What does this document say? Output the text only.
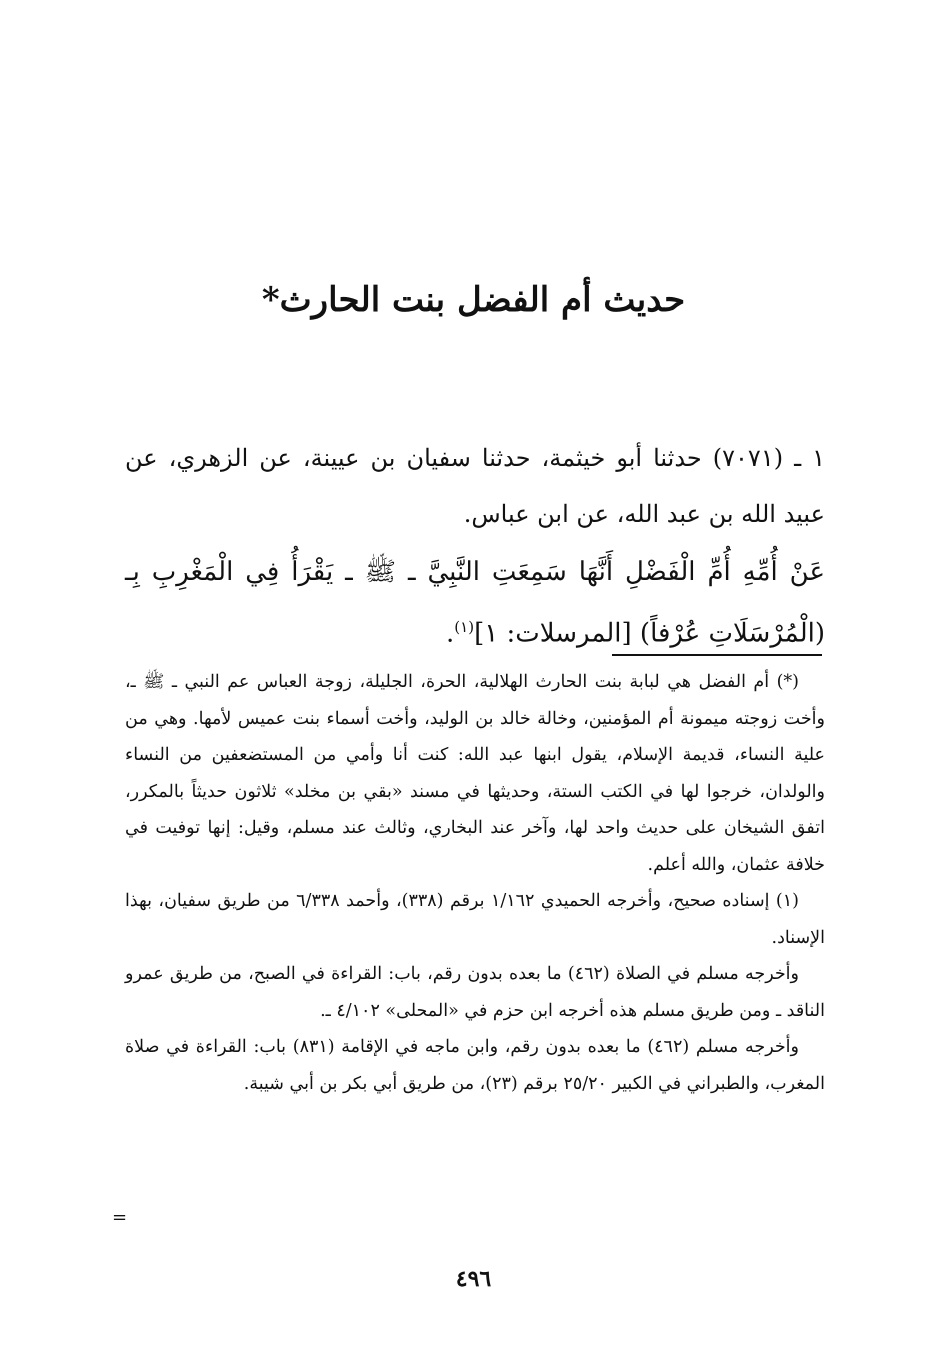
حديث أم الفضل بنت الحارث*
١ ـ (٧٠٧١) حدثنا أبو خيثمة، حدثنا سفيان بن عيينة، عن الزهري، عن عبيد الله بن عبد الله، عن ابن عباس.
عَنْ أُمِّهِ أُمِّ الْفَضْلِ أَنَّهَا سَمِعَتِ النَّبِيَّ ـ ﷺ ـ يَقْرَأُ فِي الْمَغْرِبِ بِـ (الْمُرْسَلَاتِ عُرْفاً) [المرسلات: ١]$^{(١)}$.

(*) أم الفضل هي لبابة بنت الحارث الهلالية، الحرة، الجليلة، زوجة العباس عم النبي ـ ﷺ ـ، وأخت زوجته ميمونة أم المؤمنين، وخالة خالد بن الوليد، وأخت أسماء بنت عميس لأمها. وهي من علية النساء، قديمة الإسلام، يقول ابنها عبد الله: كنت أنا وأمي من المستضعفين من النساء والولدان، خرجوا لها في الكتب الستة، وحديثها في مسند «بقي بن مخلد» ثلاثون حديثاً بالمكرر، اتفق الشيخان على حديث واحد لها، وآخر عند البخاري، وثالث عند مسلم، وقيل: إنها توفيت في خلافة عثمان، والله أعلم.

(١) إسناده صحيح، وأخرجه الحميدي ١/١٦٢ برقم (٣٣٨)، وأحمد ٦/٣٣٨ من طريق سفيان، بهذا الإسناد.

وأخرجه مسلم في الصلاة (٤٦٢) ما بعده بدون رقم، باب: القراءة في الصبح، من طريق عمرو الناقد ـ ومن طريق مسلم هذه أخرجه ابن حزم في «المحلى» ٤/١٠٢ ـ.

وأخرجه مسلم (٤٦٢) ما بعده بدون رقم، وابن ماجه في الإقامة (٨٣١) باب: القراءة في صلاة المغرب، والطبراني في الكبير ٢٥/٢٠ برقم (٢٣)، من طريق أبي بكر بن أبي شيبة.

=
٤٩٦
